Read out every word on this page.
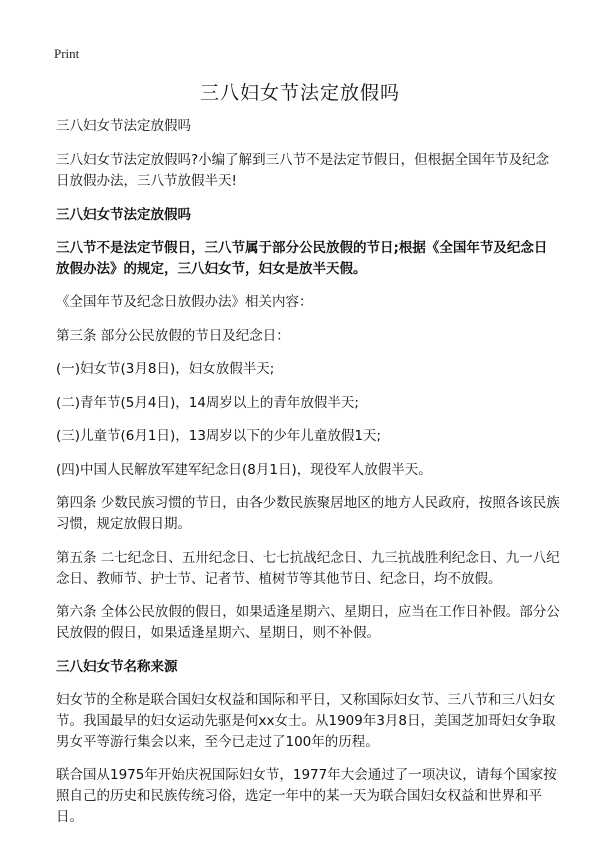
Print
三八妇女节法定放假吗

三八妇女节法定放假吗

三八妇女节法定放假吗?小编了解到三八节不是法定节假日，但根据全国年节及纪念日放假办法，三八节放假半天!

三八妇女节法定放假吗

三八节不是法定节假日，三八节属于部分公民放假的节日;根据《全国年节及纪念日放假办法》的规定，三八妇女节，妇女是放半天假。

《全国年节及纪念日放假办法》相关内容：

第三条 部分公民放假的节日及纪念日：

(一)妇女节(3月8日)，妇女放假半天;

(二)青年节(5月4日)，14周岁以上的青年放假半天;

(三)儿童节(6月1日)，13周岁以下的少年儿童放假1天;

(四)中国人民解放军建军纪念日(8月1日)，现役军人放假半天。

第四条 少数民族习惯的节日，由各少数民族聚居地区的地方人民政府，按照各该民族习惯，规定放假日期。

第五条 二七纪念日、五卅纪念日、七七抗战纪念日、九三抗战胜利纪念日、九一八纪念日、教师节、护士节、记者节、植树节等其他节日、纪念日，均不放假。

第六条 全体公民放假的假日，如果适逢星期六、星期日，应当在工作日补假。部分公民放假的假日，如果适逢星期六、星期日，则不补假。

三八妇女节名称来源

妇女节的全称是联合国妇女权益和国际和平日，又称国际妇女节、三八节和三八妇女节。我国最早的妇女运动先驱是何xx女士。从1909年3月8日，美国芝加哥妇女争取男女平等游行集会以来，至今已走过了100年的历程。

联合国从1975年开始庆祝国际妇女节，1977年大会通过了一项决议，请每个国家按照自己的历史和民族传统习俗，选定一年中的某一天为联合国妇女权益和世界和平日。
